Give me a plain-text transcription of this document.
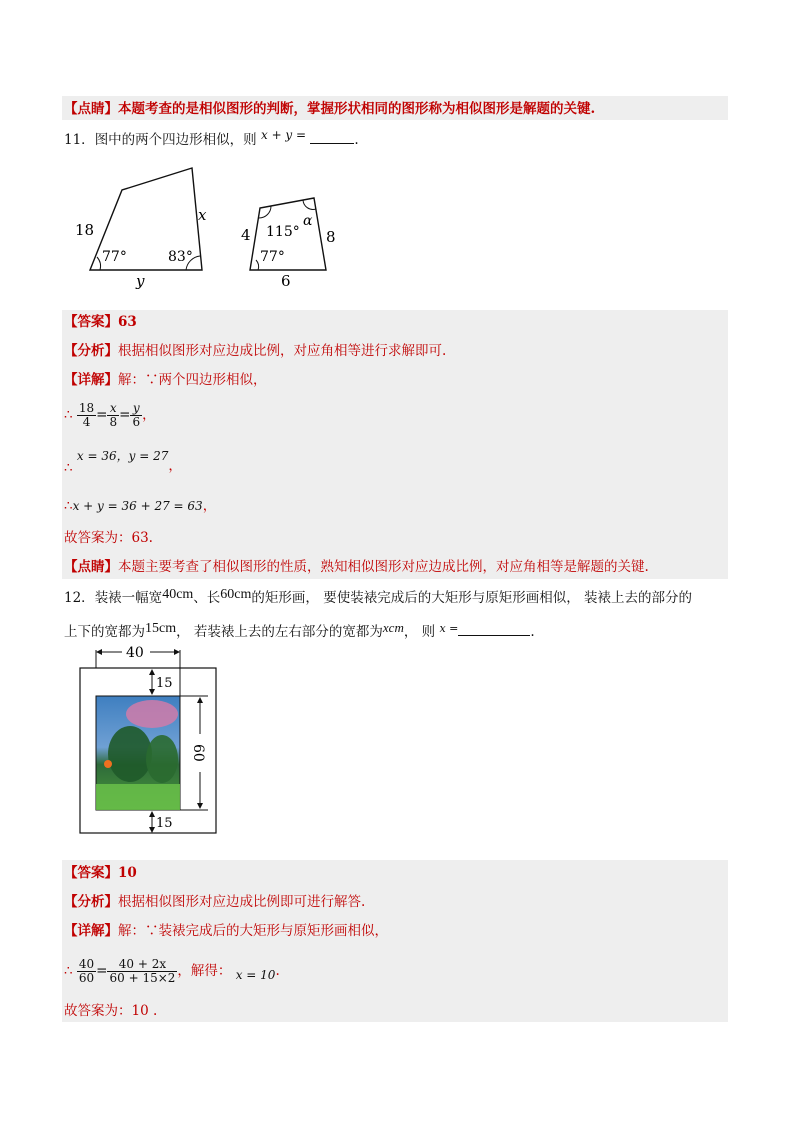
【点睛】本题考查的是相似图形的判断，掌握形状相同的图形称为相似图形是解题的关键.
11．图中的两个四边形相似，则 x + y =	.
18
x
y
77°	83°
4	8
6
115°
α
77°
【答案】63
【分析】根据相似图形对应边成比例，对应角相等进行求解即可.
【详解】解：∵两个四边形相似，
∴ $\frac{18}{4} = \frac{x}{8} = \frac{y}{6}$ ，
∴ x = 36，y = 27，
∴x + y = 36 + 27 = 63，
故答案为：63.
【点睛】本题主要考查了相似图形的性质，熟知相似图形对应边成比例，对应角相等是解题的关键.
12．装裱一幅宽40cm、长60cm的矩形画， 要使装裱完成后的大矩形与原矩形画相似， 装裱上去的部分的
上下的宽都为15cm， 若装裱上去的左右部分的宽都为xcm， 则 $^{x =}$	.
40
60
15
15
【答案】10
【分析】根据相似图形对应边成比例即可进行解答.
【详解】解：∵装裱完成后的大矩形与原矩形画相似，
∴ $\frac{40}{60} = \frac{40 + 2x}{60 + 15\times 2}$ ，解得： x = 10.
故答案为：10 .
